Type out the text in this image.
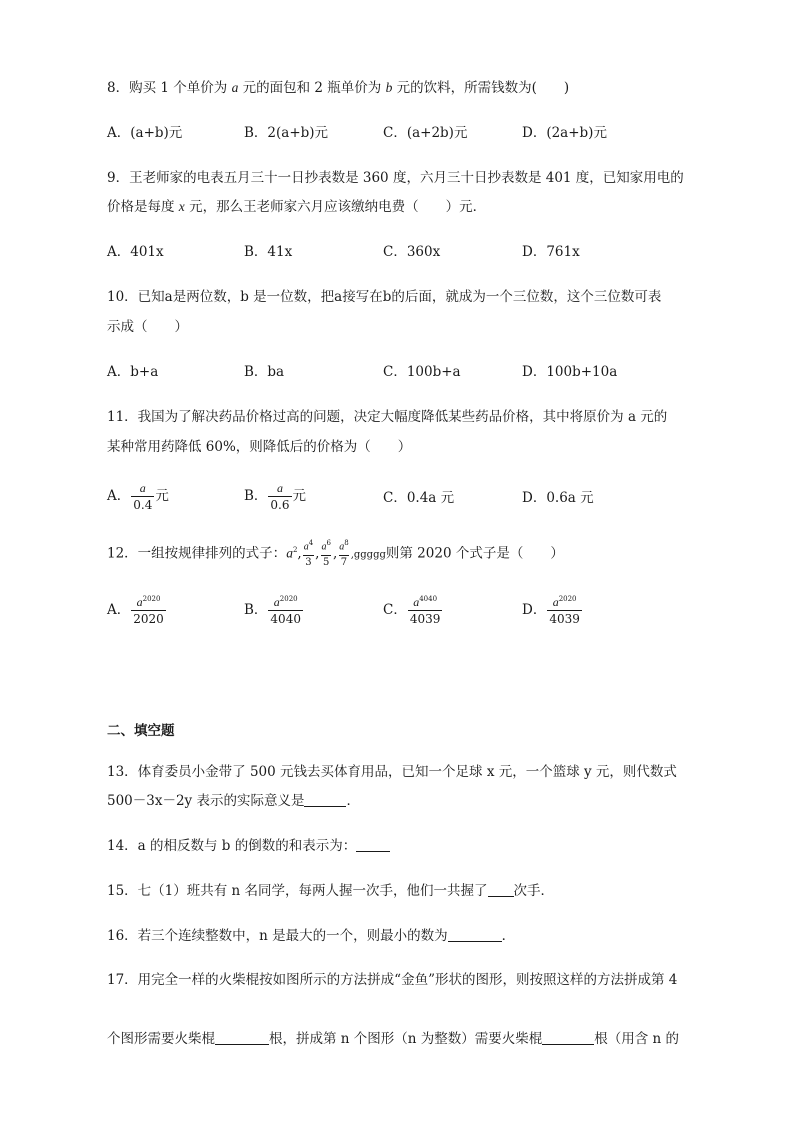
8．购买 1 个单价为 a 元的面包和 2 瓶单价为 b 元的饮料，所需钱数为(　　)
A．(a+b)元	B．2(a+b)元	C．(a+2b)元	D．(2a+b)元
9．王老师家的电表五月三十一日抄表数是 360 度，六月三十日抄表数是 401 度，已知家用电的
价格是每度 x 元，那么王老师家六月应该缴纳电费（　　）元．
A．401x	B．41x	C．360x	D．761x
10．已知a是两位数，b 是一位数，把a接写在b的后面，就成为一个三位数，这个三位数可表
示成（　　）
A．b+a	B．ba	C．100b+a	D．100b+10a
11．我国为了解决药品价格过高的问题，决定大幅度降低某些药品价格，其中将原价为 a 元的
某种常用药降低 60%，则降低后的价格为（　　）
A． $\frac{a}{0.4}$ 元	B． $\frac{a}{0.6}$ 元	C．0.4a 元	D．0.6a 元
12．一组按规律排列的式子：$a^2$, $\frac{a^4}{3}$ , $\frac{a^6}{5}$ , $\frac{a^8}{7}$ ,ggggg则第 2020 个式子是（　　）
A． $\frac{a^{2020}}{2020}$	B． $\frac{a^{2020}}{4040}$	C． $\frac{a^{4040}}{4039}$	D． $\frac{a^{2020}}{4039}$
二、填空题
13．体育委员小金带了 500 元钱去买体育用品，已知一个足球 x 元，一个篮球 y 元，则代数式
500－3x－2y 表示的实际意义是	．
14．a 的相反数与 b 的倒数的和表示为：
15．七（1）班共有 n 名同学，每两人握一次手，他们一共握了 次手．
16．若三个连续整数中，n 是最大的一个，则最小的数为	．
17．用完全一样的火柴棍按如图所示的方法拼成“金鱼”形状的图形，则按照这样的方法拼成第 4
个图形需要火柴棍	根，拼成第 n 个图形（n 为整数）需要火柴棍	根（用含 n 的
